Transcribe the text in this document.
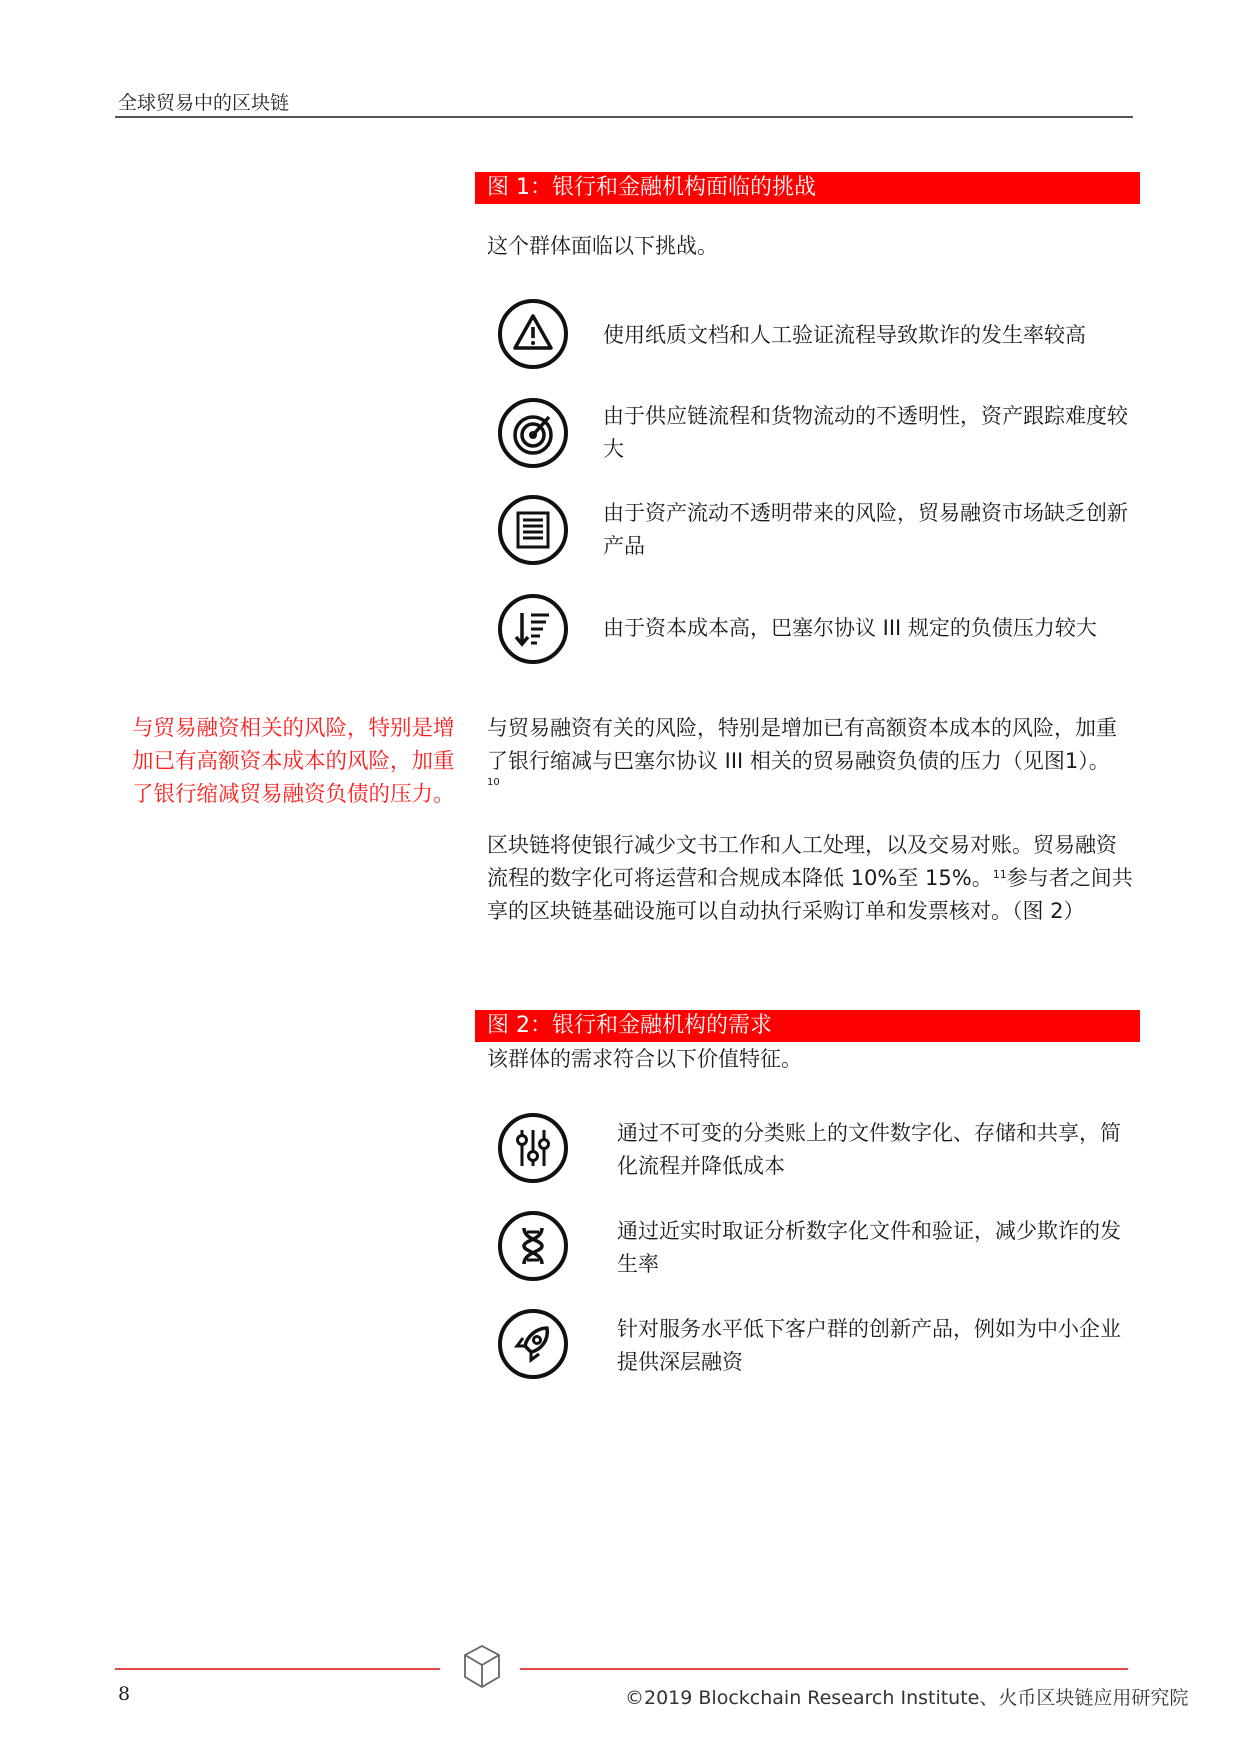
全球贸易中的区块链
图 1：银行和金融机构面临的挑战
这个群体面临以下挑战。
使用纸质文档和人工验证流程导致欺诈的发生率较高
由于供应链流程和货物流动的不透明性，资产跟踪难度较大
由于资产流动不透明带来的风险，贸易融资市场缺乏创新产品
由于资本成本高，巴塞尔协议 III 规定的负债压力较大
与贸易融资相关的风险，特别是增加已有高额资本成本的风险，加重了银行缩减贸易融资负债的压力。
与贸易融资有关的风险，特别是增加已有高额资本成本的风险，加重了银行缩减与巴塞尔协议 III 相关的贸易融资负债的压力（见图1）。
$^{10}$
区块链将使银行减少文书工作和人工处理，以及交易对账。贸易融资流程的数字化可将运营和合规成本降低 10%至 15%。$^{11}$参与者之间共享的区块链基础设施可以自动执行采购订单和发票核对。（图 2）
图 2：银行和金融机构的需求
该群体的需求符合以下价值特征。
通过不可变的分类账上的文件数字化、存储和共享，简化流程并降低成本
通过近实时取证分析数字化文件和验证，减少欺诈的发生率
针对服务水平低下客户群的创新产品，例如为中小企业提供深层融资
8	©2019 Blockchain Research Institute、火币区块链应用研究院
